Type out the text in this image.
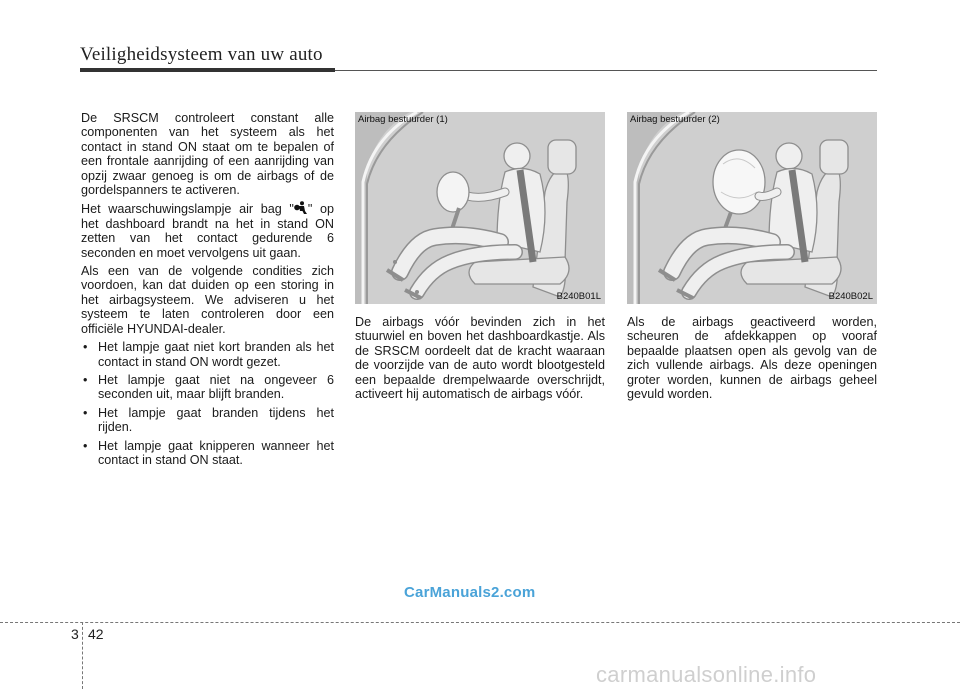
Veiligheidsysteem van uw auto

De SRSCM controleert constant alle componenten van het systeem als het contact in stand ON staat om te bepalen of een frontale aanrijding of een aanrijding van opzij zwaar genoeg is om de airbags of de gordelspanners te activeren.

Het waarschuwingslampje air bag " " op het dashboard brandt na het in stand ON zetten van het contact gedurende 6 seconden en moet vervolgens uit gaan.

Als een van de volgende condities zich voordoen, kan dat duiden op een storing in het airbagsysteem. We adviseren u het systeem te laten controleren door een officiële HYUNDAI-dealer.

• Het lampje gaat niet kort branden als het contact in stand ON wordt gezet.
• Het lampje gaat niet na ongeveer 6 seconden uit, maar blijft branden.
• Het lampje gaat branden tijdens het rijden.
• Het lampje gaat knipperen wanneer het contact in stand ON staat.
Airbag bestuurder (1)
B240B01L
Airbag bestuurder (2)
B240B02L

De airbags vóór bevinden zich in het stuurwiel en boven het dashboardkastje. Als de SRSCM oordeelt dat de kracht waaraan de voorzijde van de auto wordt blootgesteld een bepaalde drempelwaarde overschrijdt, activeert hij automatisch de airbags vóór.

Als de airbags geactiveerd worden, scheuren de afdekkappen op vooraf bepaalde plaatsen open als gevolg van de zich vullende airbags. Als deze openingen groter worden, kunnen de airbags geheel gevuld worden.

CarManuals2.com
3 42
carmanualsonline.info
